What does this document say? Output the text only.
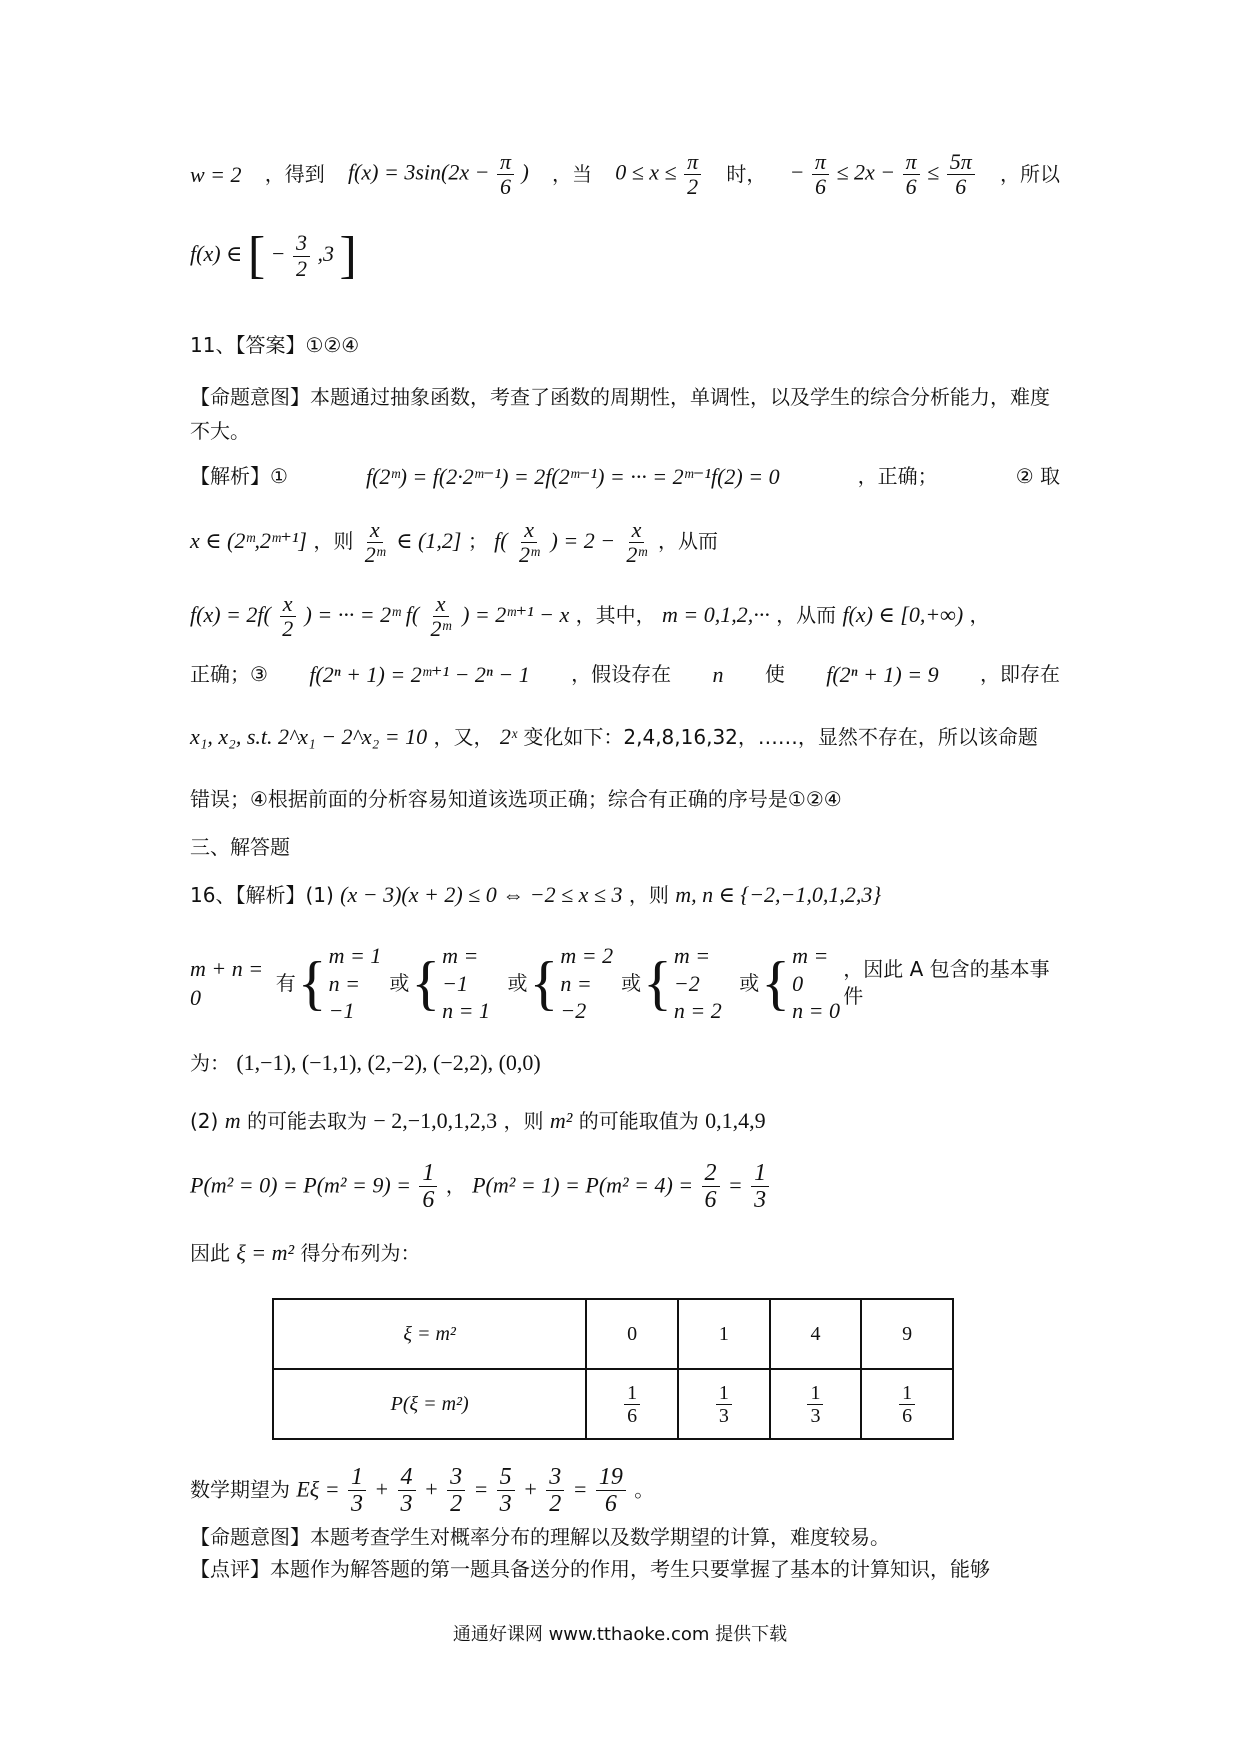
w = 2 ，得到 $f(x) = 3\sin(2x - \frac{\pi}{6}$ ) ，当 $0 \le x \le \frac{\pi}{2}$ 时， − $\frac{\pi}{6} \le 2x - \frac{\pi}{6} \le \frac{5\pi}{6}$ ，所以
f(x) ∈ [ − $\frac{3}{2} ,3$ ]
11、【答案】①②④
【命题意图】本题通过抽象函数，考查了函数的周期性，单调性，以及学生的综合分析能力，难度不大。
【解析】①	f(2ᵐ) = f(2·2ᵐ⁻¹) = 2f(2ᵐ⁻¹) = ··· = 2ᵐ⁻¹f(2) = 0	，正确；	② 取
x ∈ (2ᵐ,2ᵐ⁺¹] ，则 $\frac{x}{\text{2ᵐ}}$ ∈ (1,2] ； $f( \frac{x}{\text{2ᵐ}}$ ) = $2 - \frac{x}{\text{2ᵐ}}$ ，从而
$f(x) = 2f( \frac{x}{2}$ ) = ··· = 2ᵐ $f( \frac{x}{\text{2ᵐ}}$ ) = 2ᵐ⁺¹ − x ，其中， m = 0,1,2,··· ，从而 f(x) ∈ [0,+∞) ，
正确；③ f(2ⁿ + 1) = 2ᵐ⁺¹ − 2ⁿ − 1 ，假设存在 n 使 f(2ⁿ + 1) = 9 ，即存在
x₁, x₂, s.t. 2^x₁ − 2^x₂ = 10 ，又， 2ˣ 变化如下：2,4,8,16,32，……，显然不存在，所以该命题
错误；④根据前面的分析容易知道该选项正确；综合有正确的序号是①②④
三、解答题
16、【解析】(1) (x − 3)(x + 2) ≤ 0 ⇔ −2 ≤ x ≤ 3 ，则 m, n ∈ {−2,−1,0,1,2,3}
m + n = 0
有 { m = 1
n = −1
或 { m = −1
n = 1
或 { m = 2
n = −2
或 { m = −2
n = 2
或 { m = 0
n = 0
，因此 A 包含的基本事件
为： (1,−1), (−1,1), (2,−2), (−2,2), (0,0)
(2) m 的可能去取为 − 2,−1,0,1,2,3 ，则 m² 的可能取值为 0,1,4,9
$P(m^2 = 0) = P(m^2 = 9) = \frac{1}{6}$ ， $P(m^2 = 1) = P(m^2 = 4) = \frac{2}{6} = \frac{1}{3}$
因此 ξ = m² 得分布列为：
ξ = m²	0	1	4	9
P(ξ = m²)	$\frac{1}{6}$	$\frac{1}{3}$	$\frac{1}{3}$	$\frac{1}{6}$
数学期望为 $E\xi = \frac{1}{3} + \frac{4}{3} + \frac{3}{2} = \frac{5}{3} + \frac{3}{2} = \frac{19}{6}$ 。
【命题意图】本题考查学生对概率分布的理解以及数学期望的计算，难度较易。
【点评】本题作为解答题的第一题具备送分的作用，考生只要掌握了基本的计算知识，能够
通通好课网 www.tthaoke.com 提供下载
